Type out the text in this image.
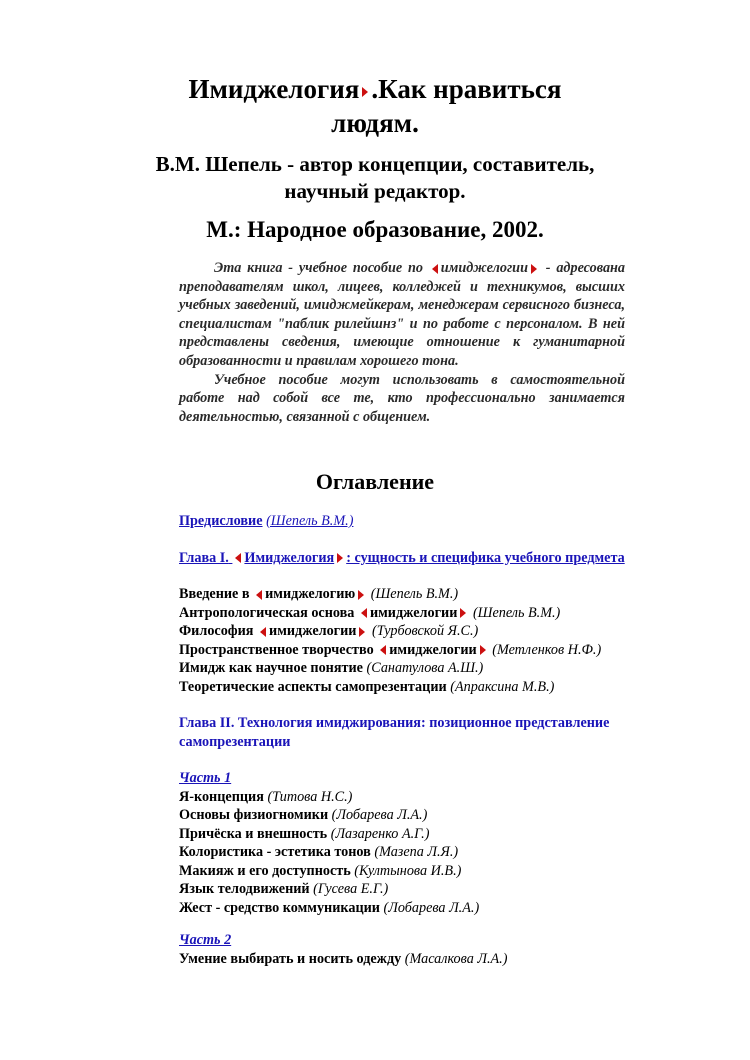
Имиджелогия .Как нравиться
людям.
В.М. Шепель - автор концепции, составитель,
научный редактор.
М.: Народное образование, 2002.

Эта книга - учебное пособие по имиджелогии - адресована преподавателям школ, лицеев, колледжей и техникумов, высших учебных заведений, имиджмейкерам, менеджерам сервисного бизнеса, специалистам "паблик рилейшнз" и по работе с персоналом. В ней представлены сведения, имеющие отношение к гуманитарной образованности и правилам хорошего тона.

Учебное пособие могут использовать в самостоятельной работе над собой все те, кто профессионально занимается деятельностью, связанной с общением.

Оглавление

Предисловие (Шепель В.М.)

Глава I. Имиджелогия : сущность и специфика учебного предмета

Введение в имиджелогию (Шепель В.М.)

Антропологическая основа имиджелогии (Шепель В.М.)

Философия имиджелогии (Турбовской Я.С.)

Пространственное творчество имиджелогии (Метленков Н.Ф.)

Имидж как научное понятие (Санатулова А.Ш.)

Теоретические аспекты самопрезентации (Апраксина М.В.)

Глава II. Технология имиджирования: позиционное представление самопрезентации

Часть 1

Я-концепция (Титова Н.С.)

Основы физиогномики (Лобарева Л.А.)

Причёска и внешность (Лазаренко А.Г.)

Колористика - эстетика тонов (Мазепа Л.Я.)

Макияж и его доступность (Култынова И.В.)

Язык телодвижений (Гусева Е.Г.)

Жест - средство коммуникации (Лобарева Л.А.)

Часть 2

Умение выбирать и носить одежду (Масалкова Л.А.)
